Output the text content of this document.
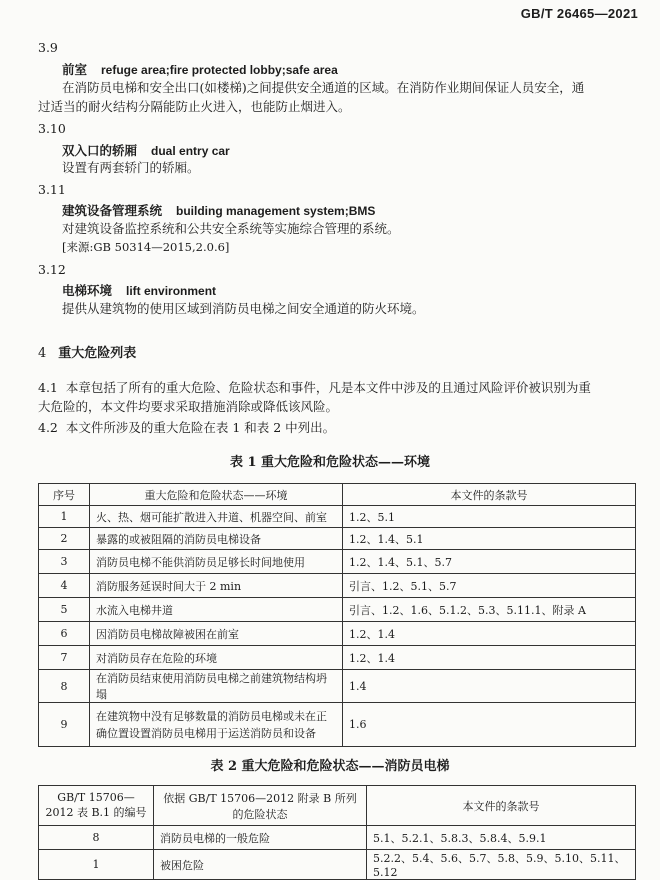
GB/T 26465—2021
3.9
前室 refuge area;fire protected lobby;safe area
在消防员电梯和安全出口(如楼梯)之间提供安全通道的区域。在消防作业期间保证人员安全，通
过适当的耐火结构分隔能防止火进入，也能防止烟进入。
3.10
双入口的轿厢 dual entry car
设置有两套轿门的轿厢。
3.11
建筑设备管理系统 building management system;BMS
对建筑设备监控系统和公共安全系统等实施综合管理的系统。
[来源:GB 50314—2015,2.0.6]
3.12
电梯环境 lift environment
提供从建筑物的使用区域到消防员电梯之间安全通道的防火环境。
4 重大危险列表
4.1 本章包括了所有的重大危险、危险状态和事件，凡是本文件中涉及的且通过风险评价被识别为重
大危险的，本文件均要求采取措施消除或降低该风险。
4.2 本文件所涉及的重大危险在表 1 和表 2 中列出。
表 1 重大危险和危险状态——环境
序号	重大危险和危险状态——环境	本文件的条款号
1	火、热、烟可能扩散进入井道、机器空间、前室	1.2、5.1
2	暴露的或被阻隔的消防员电梯设备	1.2、1.4、5.1
3	消防员电梯不能供消防员足够长时间地使用	1.2、1.4、5.1、5.7
4	消防服务延误时间大于 2 min	引言、1.2、5.1、5.7
5	水流入电梯井道	引言、1.2、1.6、5.1.2、5.3、5.11.1、附录 A
6	因消防员电梯故障被困在前室	1.2、1.4
7	对消防员存在危险的环境	1.2、1.4
8	在消防员结束使用消防员电梯之前建筑物结构坍塌	1.4
9	在建筑物中没有足够数量的消防员电梯或未在正确位置设置消防员电梯用于运送消防员和设备	1.6
表 2 重大危险和危险状态——消防员电梯
GB/T 15706—2012 表 B.1 的编号	依据 GB/T 15706—2012 附录 B 所列的危险状态	本文件的条款号
8	消防员电梯的一般危险	5.1、5.2.1、5.8.3、5.8.4、5.9.1
1	被困危险	5.2.2、5.4、5.6、5.7、5.8、5.9、5.10、5.11、5.12
